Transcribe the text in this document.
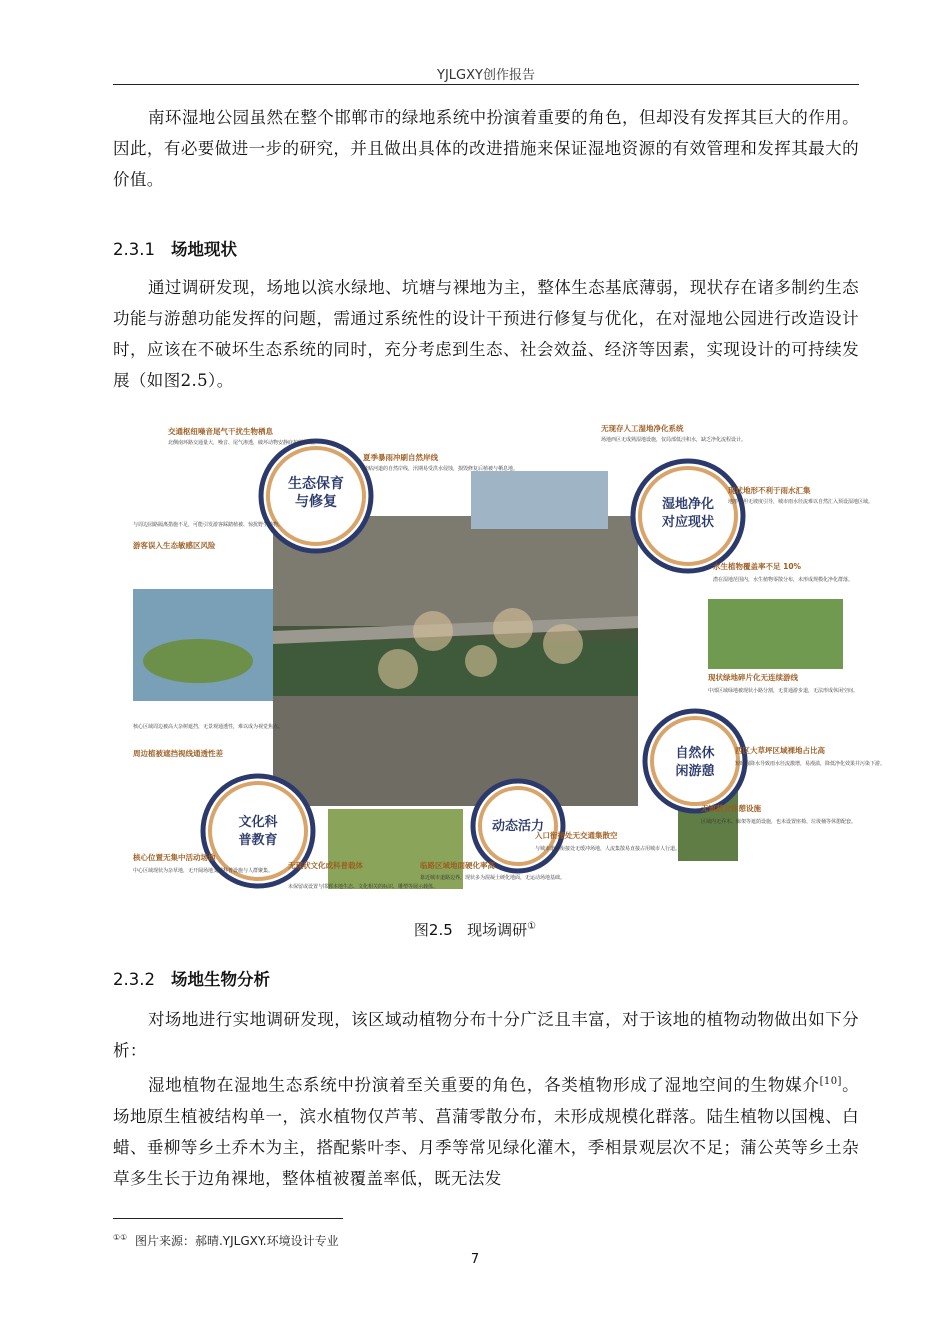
YJLGXY创作报告

南环湿地公园虽然在整个邯郸市的绿地系统中扮演着重要的角色，但却没有发挥其巨大的作用。因此，有必要做进一步的研究，并且做出具体的改进措施来保证湿地资源的有效管理和发挥其最大的价值。

2.3.1 场地现状

通过调研发现，场地以滨水绿地、坑塘与裸地为主，整体生态基底薄弱，现状存在诸多制约生态功能与游憩功能发挥的问题，需通过系统性的设计干预进行修复与优化，在对湿地公园进行改造设计时，应该在不破坏生态系统的同时，充分考虑到生态、社会效益、经济等因素，实现设计的可持续发展（如图2.5）。

生态保育与修复	湿地净化对应现状
文化科普教育
动态活力
自然休闲游憩
交通枢纽噪音尾气干扰生物栖息
北侧南环路交通量大，噪音、尾气渗透，破坏动物安静庇护所环境。
夏季暴雨冲刷自然岸线
紧贴河道的自然岸线，汛期易受洪水侵蚀，损毁修复后植被与栖息地。
无现存人工湿地净化系统
场地西区无成熟湿地设施，仅局部低洼积水，缺乏净化流程设计。
现状地形不利于雨水汇集
地形平坦无坡度引导，城市雨水径流难以自然汇入预设湿地区域。
游客误入生态敏感区风险
与周边园路隔离措施不足，可能引发游客踩踏植被、惊扰野生动物。
水生植物覆盖率不足 10%
潜在湿地范围内，水生植物零散分布，未形成规模化净化群落。
现状绿地碎片化无连续游线
中部区域绿地被现状小路分割，无贯通游步道，无法形成休闲空间。
周边植被遮挡视线通透性差
核心区域周边被高大杂树遮挡，无景观通透性，难以成为视觉焦点。
西区大草坪区域裸地占比高
短时强降水导致雨水径流激增，易漫溢，降低净化效果并污染下游。
无遮荫及休憩设施
区域内无乔木、廊架等遮荫设施，也未设置座椅、垃圾桶等休憩配套。
入口衔接处无交通集散空
与城市道路衔接处无缓冲场地，人流集散易直接占用城市人行道。
临路区域地面硬化率高
靠近城市道路边界，现状多为混凝土硬化地面，无运动场地基础。
核心位置无集中活动场地
中心区域现状为杂草地，无开阔场地支撑科普设施与人群聚集。
无现状文化或科普载体
未保留或设置与邯郸本地生态、文化相关的标识、雕塑等展示载体。
图2.5 现场调研①
2.3.2 场地生物分析

对场地进行实地调研发现，该区域动植物分布十分广泛且丰富，对于该地的植物动物做出如下分析：

湿地植物在湿地生态系统中扮演着至关重要的角色，各类植物形成了湿地空间的生物媒介[10]。场地原生植被结构单一，滨水植物仅芦苇、菖蒲零散分布，未形成规模化群落。陆生植物以国槐、白蜡、垂柳等乡土乔木为主，搭配紫叶李、月季等常见绿化灌木，季相景观层次不足；蒲公英等乡土杂草多生长于边角裸地，整体植被覆盖率低，既无法发

①① 图片来源：郝晴.YJLGXY.环境设计专业
7
